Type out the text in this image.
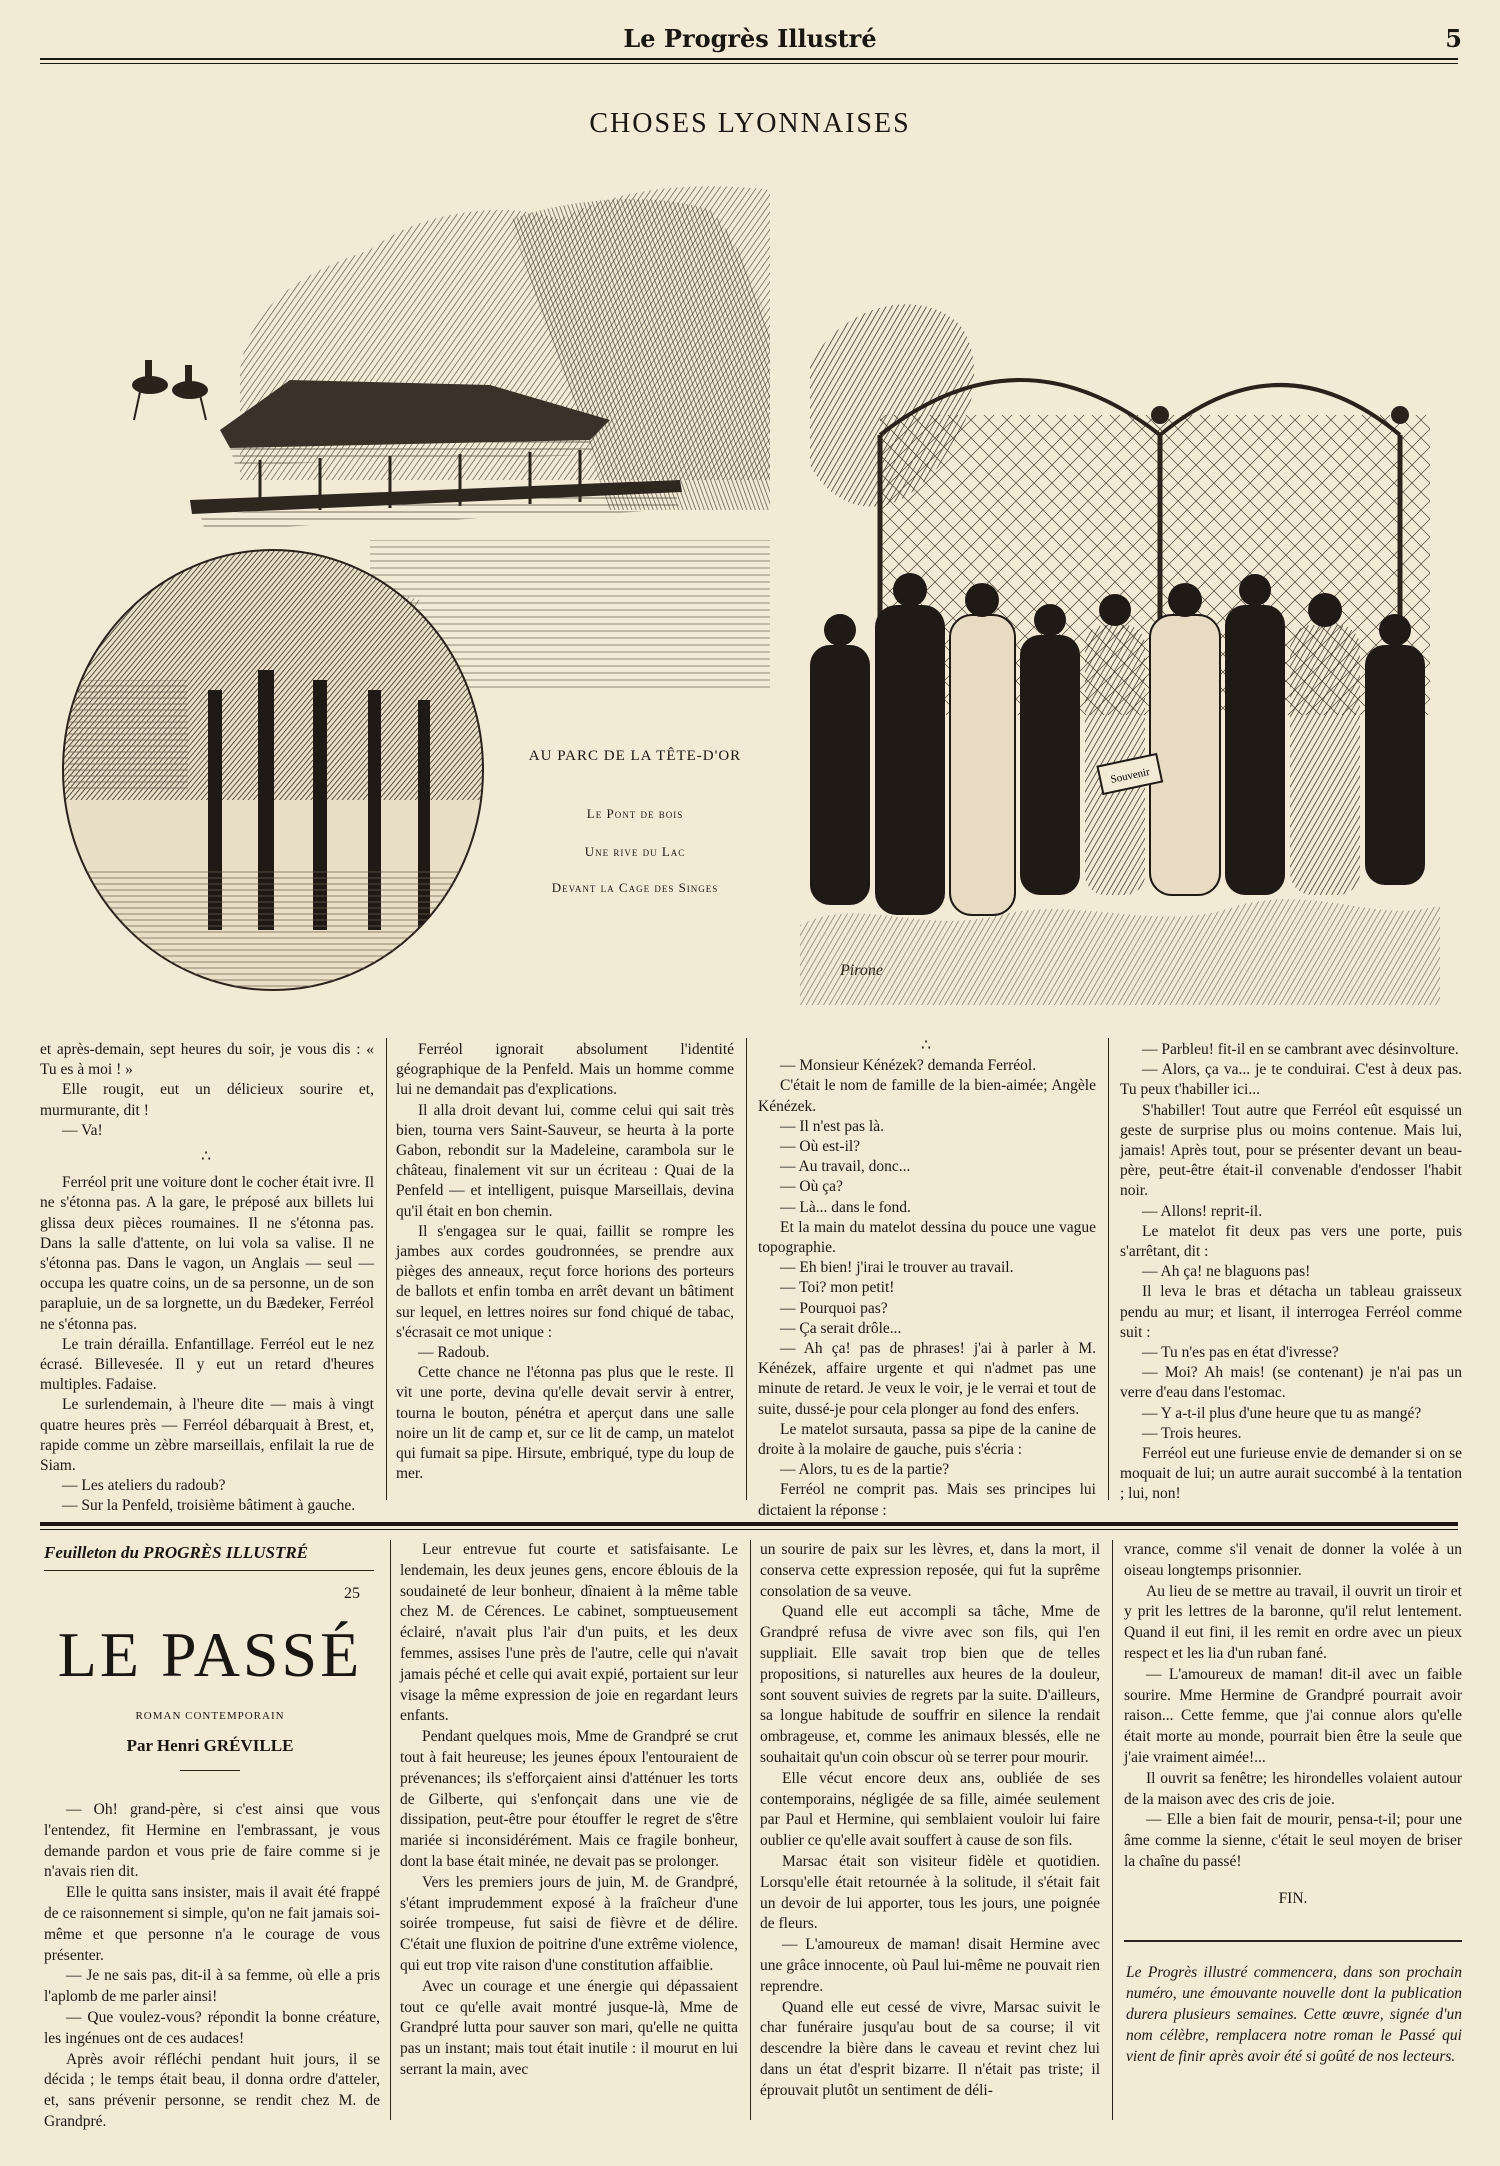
Le Progrès Illustré	5
CHOSES LYONNAISES
Souvenir
Pirone
AU PARC DE LA TÊTE-D'OR
Le Pont de bois
Une rive du Lac
Devant la Cage des Singes

et après-demain, sept heures du soir, je vous dis : « Tu es à moi ! »

Elle rougit, eut un délicieux sourire et, murmurante, dit !

— Va!

∴

Ferréol prit une voiture dont le cocher était ivre. Il ne s'étonna pas. A la gare, le préposé aux billets lui glissa deux pièces roumaines. Il ne s'étonna pas. Dans la salle d'attente, on lui vola sa valise. Il ne s'étonna pas. Dans le vagon, un Anglais — seul — occupa les quatre coins, un de sa personne, un de son parapluie, un de sa lorgnette, un du Bædeker, Ferréol ne s'étonna pas.

Le train dérailla. Enfantillage. Ferréol eut le nez écrasé. Billevesée. Il y eut un retard d'heures multiples. Fadaise.

Le surlendemain, à l'heure dite — mais à vingt quatre heures près — Ferréol débarquait à Brest, et, rapide comme un zèbre marseillais, enfilait la rue de Siam.

— Les ateliers du radoub?

— Sur la Penfeld, troisième bâtiment à gauche.

Ferréol ignorait absolument l'identité géographique de la Penfeld. Mais un homme comme lui ne demandait pas d'explications.

Il alla droit devant lui, comme celui qui sait très bien, tourna vers Saint-Sauveur, se heurta à la porte Gabon, rebondit sur la Madeleine, carambola sur le château, finalement vit sur un écriteau : Quai de la Penfeld — et intelligent, puisque Marseillais, devina qu'il était en bon chemin.

Il s'engagea sur le quai, faillit se rompre les jambes aux cordes goudronnées, se prendre aux pièges des anneaux, reçut force horions des porteurs de ballots et enfin tomba en arrêt devant un bâtiment sur lequel, en lettres noires sur fond chiqué de tabac, s'écrasait ce mot unique :

— Radoub.

Cette chance ne l'étonna pas plus que le reste. Il vit une porte, devina qu'elle devait servir à entrer, tourna le bouton, pénétra et aperçut dans une salle noire un lit de camp et, sur ce lit de camp, un matelot qui fumait sa pipe. Hirsute, embriqué, type du loup de mer.

∴

— Monsieur Kénézek? demanda Ferréol.

C'était le nom de famille de la bien-aimée; Angèle Kénézek.

— Il n'est pas là.

— Où est-il?

— Au travail, donc...

— Où ça?

— Là... dans le fond.

Et la main du matelot dessina du pouce une vague topographie.

— Eh bien! j'irai le trouver au travail.

— Toi? mon petit!

— Pourquoi pas?

— Ça serait drôle...

— Ah ça! pas de phrases! j'ai à parler à M. Kénézek, affaire urgente et qui n'admet pas une minute de retard. Je veux le voir, je le verrai et tout de suite, dussé-je pour cela plonger au fond des enfers.

Le matelot sursauta, passa sa pipe de la canine de droite à la molaire de gauche, puis s'écria :

— Alors, tu es de la partie?

Ferréol ne comprit pas. Mais ses principes lui dictaient la réponse :

— Parbleu! fit-il en se cambrant avec désinvolture.

— Alors, ça va... je te conduirai. C'est à deux pas. Tu peux t'habiller ici...

S'habiller! Tout autre que Ferréol eût esquissé un geste de surprise plus ou moins contenue. Mais lui, jamais! Après tout, pour se présenter devant un beau-père, peut-être était-il convenable d'endosser l'habit noir.

— Allons! reprit-il.

Le matelot fit deux pas vers une porte, puis s'arrêtant, dit :

— Ah ça! ne blaguons pas!

Il leva le bras et détacha un tableau graisseux pendu au mur; et lisant, il interrogea Ferréol comme suit :

— Tu n'es pas en état d'ivresse?

— Moi? Ah mais! (se contenant) je n'ai pas un verre d'eau dans l'estomac.

— Y a-t-il plus d'une heure que tu as mangé?

— Trois heures.

Ferréol eut une furieuse envie de demander si on se moquait de lui; un autre aurait succombé à la tentation ; lui, non!

Feuilleton du PROGRÈS ILLUSTRÉ
25
LE PASSÉ
ROMAN CONTEMPORAIN
Par Henri GRÉVILLE

— Oh! grand-père, si c'est ainsi que vous l'entendez, fit Hermine en l'embrassant, je vous demande pardon et vous prie de faire comme si je n'avais rien dit.

Elle le quitta sans insister, mais il avait été frappé de ce raisonnement si simple, qu'on ne fait jamais soi-même et que personne n'a le courage de vous présenter.

— Je ne sais pas, dit-il à sa femme, où elle a pris l'aplomb de me parler ainsi!

— Que voulez-vous? répondit la bonne créature, les ingénues ont de ces audaces!

Après avoir réfléchi pendant huit jours, il se décida ; le temps était beau, il donna ordre d'atteler, et, sans prévenir personne, se rendit chez M. de Grandpré.

Leur entrevue fut courte et satisfaisante. Le lendemain, les deux jeunes gens, encore éblouis de la soudaineté de leur bonheur, dînaient à la même table chez M. de Cérences. Le cabinet, somptueusement éclairé, n'avait plus l'air d'un puits, et les deux femmes, assises l'une près de l'autre, celle qui n'avait jamais péché et celle qui avait expié, portaient sur leur visage la même expression de joie en regardant leurs enfants.

Pendant quelques mois, Mme de Grandpré se crut tout à fait heureuse; les jeunes époux l'entouraient de prévenances; ils s'efforçaient ainsi d'atténuer les torts de Gilberte, qui s'enfonçait dans une vie de dissipation, peut-être pour étouffer le regret de s'être mariée si inconsidérément. Mais ce fragile bonheur, dont la base était minée, ne devait pas se prolonger.

Vers les premiers jours de juin, M. de Grandpré, s'étant imprudemment exposé à la fraîcheur d'une soirée trompeuse, fut saisi de fièvre et de délire. C'était une fluxion de poitrine d'une extrême violence, qui eut trop vite raison d'une constitution affaiblie.

Avec un courage et une énergie qui dépassaient tout ce qu'elle avait montré jusque-là, Mme de Grandpré lutta pour sauver son mari, qu'elle ne quitta pas un instant; mais tout était inutile : il mourut en lui serrant la main, avec

un sourire de paix sur les lèvres, et, dans la mort, il conserva cette expression reposée, qui fut la suprême consolation de sa veuve.

Quand elle eut accompli sa tâche, Mme de Grandpré refusa de vivre avec son fils, qui l'en suppliait. Elle savait trop bien que de telles propositions, si naturelles aux heures de la douleur, sont souvent suivies de regrets par la suite. D'ailleurs, sa longue habitude de souffrir en silence la rendait ombrageuse, et, comme les animaux blessés, elle ne souhaitait qu'un coin obscur où se terrer pour mourir.

Elle vécut encore deux ans, oubliée de ses contemporains, négligée de sa fille, aimée seulement par Paul et Hermine, qui semblaient vouloir lui faire oublier ce qu'elle avait souffert à cause de son fils.

Marsac était son visiteur fidèle et quotidien. Lorsqu'elle était retournée à la solitude, il s'était fait un devoir de lui apporter, tous les jours, une poignée de fleurs.

— L'amoureux de maman! disait Hermine avec une grâce innocente, où Paul lui-même ne pouvait rien reprendre.

Quand elle eut cessé de vivre, Marsac suivit le char funéraire jusqu'au bout de sa course; il vit descendre la bière dans le caveau et revint chez lui dans un état d'esprit bizarre. Il n'était pas triste; il éprouvait plutôt un sentiment de déli-

vrance, comme s'il venait de donner la volée à un oiseau longtemps prisonnier.

Au lieu de se mettre au travail, il ouvrit un tiroir et y prit les lettres de la baronne, qu'il relut lentement. Quand il eut fini, il les remit en ordre avec un pieux respect et les lia d'un ruban fané.

— L'amoureux de maman! dit-il avec un faible sourire. Mme Hermine de Grandpré pourrait avoir raison... Cette femme, que j'ai connue alors qu'elle était morte au monde, pourrait bien être la seule que j'aie vraiment aimée!...

Il ouvrit sa fenêtre; les hirondelles volaient autour de la maison avec des cris de joie.

— Elle a bien fait de mourir, pensa-t-il; pour une âme comme la sienne, c'était le seul moyen de briser la chaîne du passé!

FIN.

Le Progrès illustré commencera, dans son prochain numéro, une émouvante nouvelle dont la publication durera plusieurs semaines. Cette œuvre, signée d'un nom célèbre, remplacera notre roman le Passé qui vient de finir après avoir été si goûté de nos lecteurs.
